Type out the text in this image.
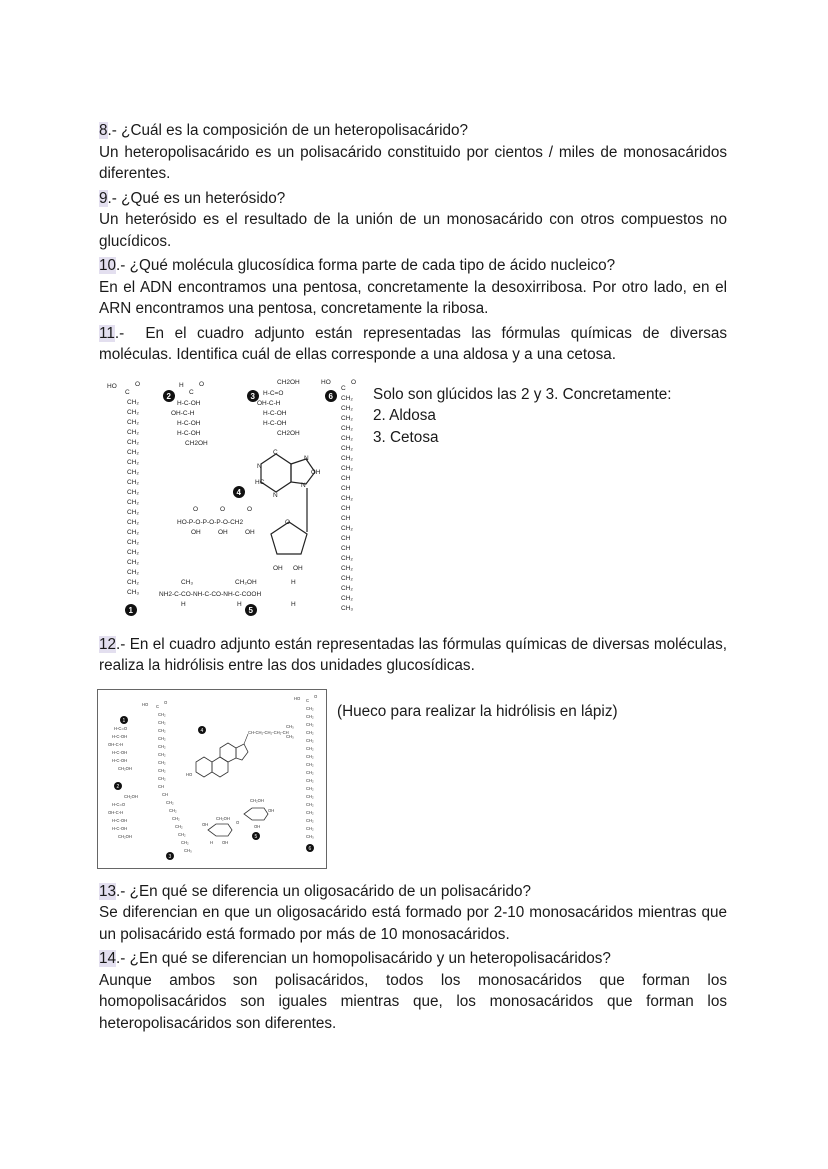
8.- ¿Cuál es la composición de un heteropolisacárido?

Un heteropolisacárido es un polisacárido constituido por cientos / miles de monosacáridos diferentes.

9.- ¿Qué es un heterósido?

Un heterósido es el resultado de la unión de un monosacárido con otros compuestos no glucídicos.

10.- ¿Qué molécula glucosídica forma parte de cada tipo de ácido nucleico?

En el ADN encontramos una pentosa, concretamente la desoxirribosa. Por otro lado, en el ARN encontramos una pentosa, concretamente la ribosa.

11.-  En el cuadro adjunto están representadas las fórmulas químicas de diversas moléculas. Identifica cuál de ellas corresponde a una aldosa y a una cetosa.

HO
C
O
CH₂
CH₂
CH₂
CH₂
CH₂
CH₂
CH₂
CH₂
CH₂
CH₂
CH₂
CH₂
CH₂
CH₂
CH₂
CH₂
CH₂
CH₂
CH₂
CH₃
1
2
H
C
O
H-C-OH
OH-C-H
H-C-OH
H-C-OH
CH2OH
3
CH2OH
H-C=O
OH-C-H
H-C-OH
H-C-OH
CH2OH
4
N
C
N
CH
HC
N
N
HO-P-O-P-O-P-O-CH2
O	O	O
OH	OH	OH
O
OH OH
CH₃	CH₂OH	H
NH2-C-CO-NH-C-CO-NH-C-COOH
H	H	H
5
6
HO
C
O
CH₂
CH₂
CH₂
CH₂
CH₂
CH₂
CH₂
CH₂
CH
CH
CH₂
CH
CH
CH₂
CH
CH
CH₂
CH₂
CH₂
CH₂
CH₂
CH₃
Solo son glúcidos las 2 y 3. Concretamente:
2. Aldosa
3. Cetosa

12.- En el cuadro adjunto están representadas las fórmulas químicas de diversas moléculas, realiza la hidrólisis entre las dos unidades glucosídicas.

1
H-C=O
H-C-OH
OH-C-H
H-C-OH
H-C-OH
CH₂OH
2
CH₂OH
H-C=O
OH-C-H
H-C-OH
H-C-OH
CH₂OH
HO C
O
CH₂
CH₂
CH₂
CH₂
CH₂
CH₂
CH₂
CH₂
CH₂
CH
CH
CH₂
CH₂
CH₂
CH₂
CH₂
CH₂
CH₃
3
4	CH-CH₂-CH₂-CH₂-CH
CH₃
CH₃
HO
CH₂OH
CH₂OH
OH	O
H OH
OH
OH
5
HO C
O
CH₂
CH₂
CH₂
CH₂
CH₂
CH₂
CH₂
CH₂
CH₂
CH₂
CH₂
CH₂
CH₂
CH₂
CH₂
CH₂
CH₃
6
(Hueco para realizar la hidrólisis en lápiz)

13.- ¿En qué se diferencia un oligosacárido de un polisacárido?

Se diferencian en que un oligosacárido está formado por 2-10 monosacáridos mientras que un polisacárido está formado por más de 10 monosacáridos.

14.- ¿En qué se diferencian un homopolisacárido y un heteropolisacáridos?

Aunque ambos son polisacáridos, todos los monosacáridos que forman los homopolisacáridos son iguales mientras que, los monosacáridos que forman los heteropolisacáridos son diferentes.
